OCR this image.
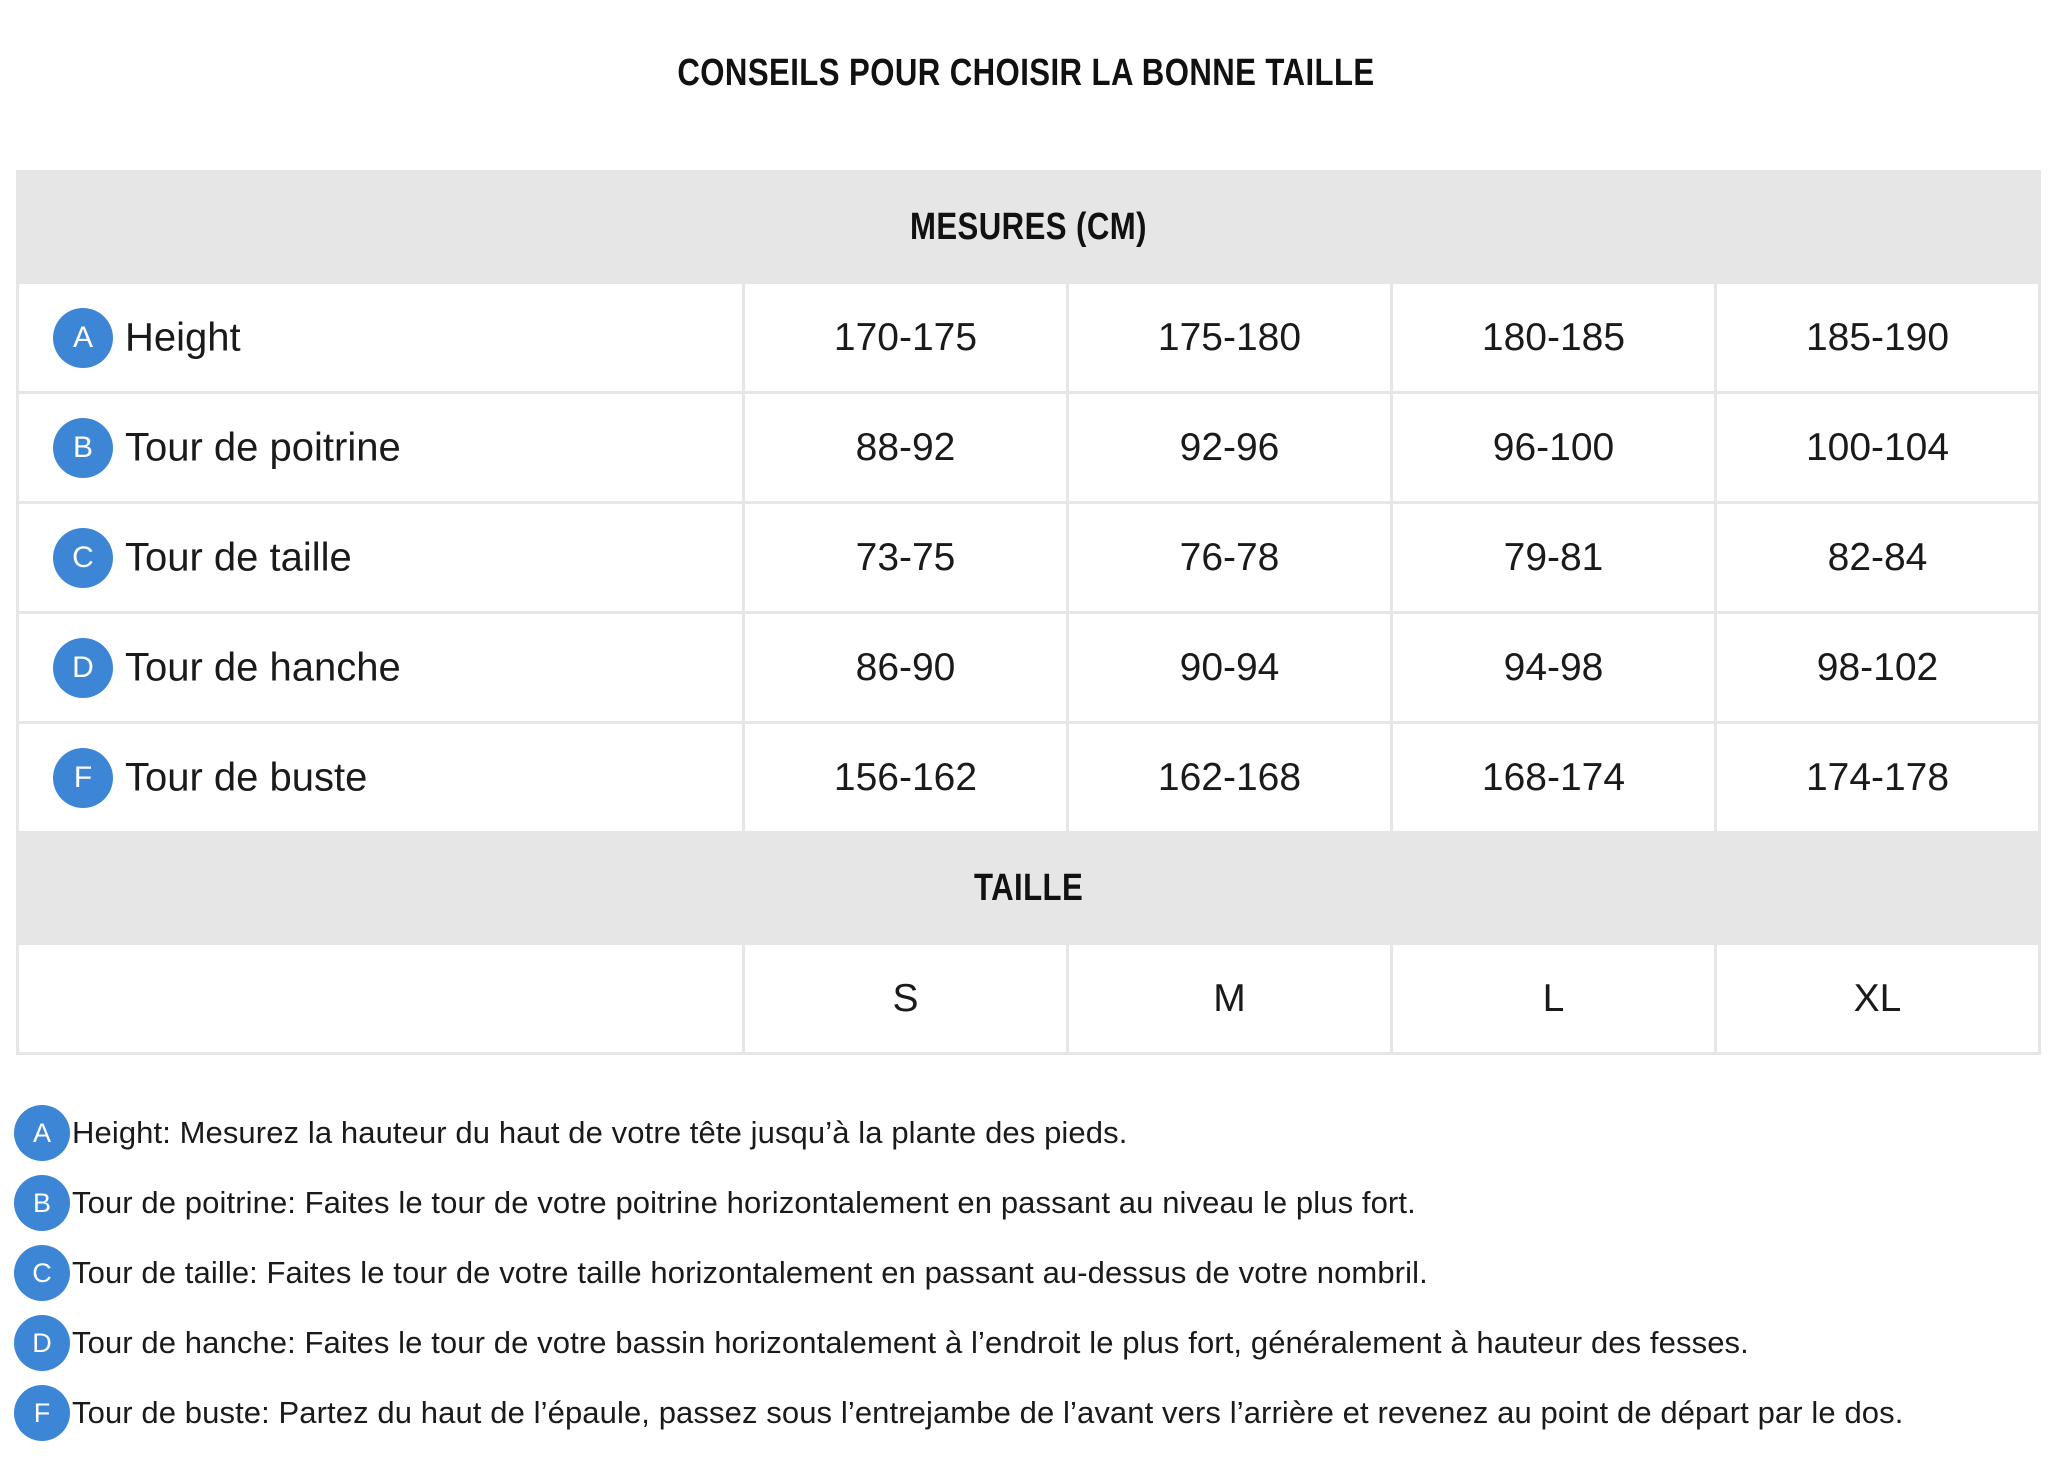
CONSEILS POUR CHOISIR LA BONNE TAILLE
MESURES (CM)				
A Height	170-175	175-180	180-185	185-190
B Tour de poitrine	88-92	92-96	96-100	100-104
C Tour de taille	73-75	76-78	79-81	82-84
D Tour de hanche	86-90	90-94	94-98	98-102
F Tour de buste	156-162	162-168	168-174	174-178
TAILLE				
	S	M	L	XL
A Height:
Mesurez la hauteur du haut de votre tête jusqu’à la plante des pieds.
B Tour de poitrine:
Faites le tour de votre poitrine horizontalement en passant au niveau le plus fort.
C Tour de taille:
Faites le tour de votre taille horizontalement en passant au-dessus de votre nombril.
D Tour de hanche:
Faites le tour de votre bassin horizontalement à l’endroit le plus fort, généralement à hauteur des fesses.
F Tour de buste:
Partez du haut de l’épaule, passez sous l’entrejambe de l’avant vers l’arrière et revenez au point de départ par le dos.
